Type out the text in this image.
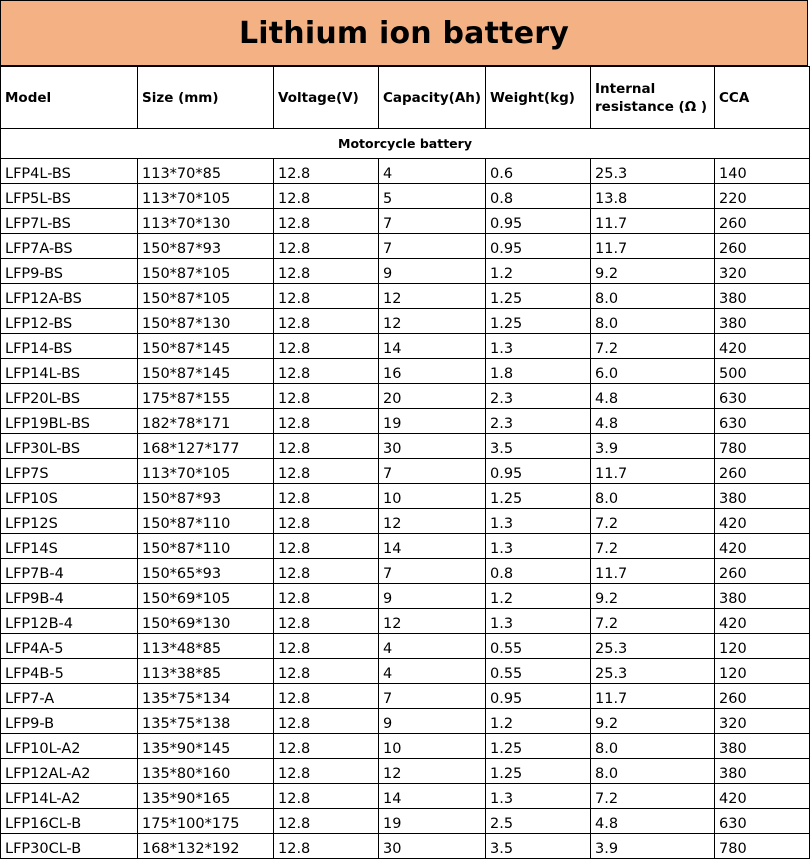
Lithium ion battery
Model	Size (mm)	Voltage(V)	Capacity(Ah)	Weight(kg)	Internal resistance (Ω )	CCA
Motorcycle battery						
LFP4L-BS	113*70*85	12.8	4	0.6	25.3	140
LFP5L-BS	113*70*105	12.8	5	0.8	13.8	220
LFP7L-BS	113*70*130	12.8	7	0.95	11.7	260
LFP7A-BS	150*87*93	12.8	7	0.95	11.7	260
LFP9-BS	150*87*105	12.8	9	1.2	9.2	320
LFP12A-BS	150*87*105	12.8	12	1.25	8.0	380
LFP12-BS	150*87*130	12.8	12	1.25	8.0	380
LFP14-BS	150*87*145	12.8	14	1.3	7.2	420
LFP14L-BS	150*87*145	12.8	16	1.8	6.0	500
LFP20L-BS	175*87*155	12.8	20	2.3	4.8	630
LFP19BL-BS	182*78*171	12.8	19	2.3	4.8	630
LFP30L-BS	168*127*177	12.8	30	3.5	3.9	780
LFP7S	113*70*105	12.8	7	0.95	11.7	260
LFP10S	150*87*93	12.8	10	1.25	8.0	380
LFP12S	150*87*110	12.8	12	1.3	7.2	420
LFP14S	150*87*110	12.8	14	1.3	7.2	420
LFP7B-4	150*65*93	12.8	7	0.8	11.7	260
LFP9B-4	150*69*105	12.8	9	1.2	9.2	380
LFP12B-4	150*69*130	12.8	12	1.3	7.2	420
LFP4A-5	113*48*85	12.8	4	0.55	25.3	120
LFP4B-5	113*38*85	12.8	4	0.55	25.3	120
LFP7-A	135*75*134	12.8	7	0.95	11.7	260
LFP9-B	135*75*138	12.8	9	1.2	9.2	320
LFP10L-A2	135*90*145	12.8	10	1.25	8.0	380
LFP12AL-A2	135*80*160	12.8	12	1.25	8.0	380
LFP14L-A2	135*90*165	12.8	14	1.3	7.2	420
LFP16CL-B	175*100*175	12.8	19	2.5	4.8	630
LFP30CL-B	168*132*192	12.8	30	3.5	3.9	780
